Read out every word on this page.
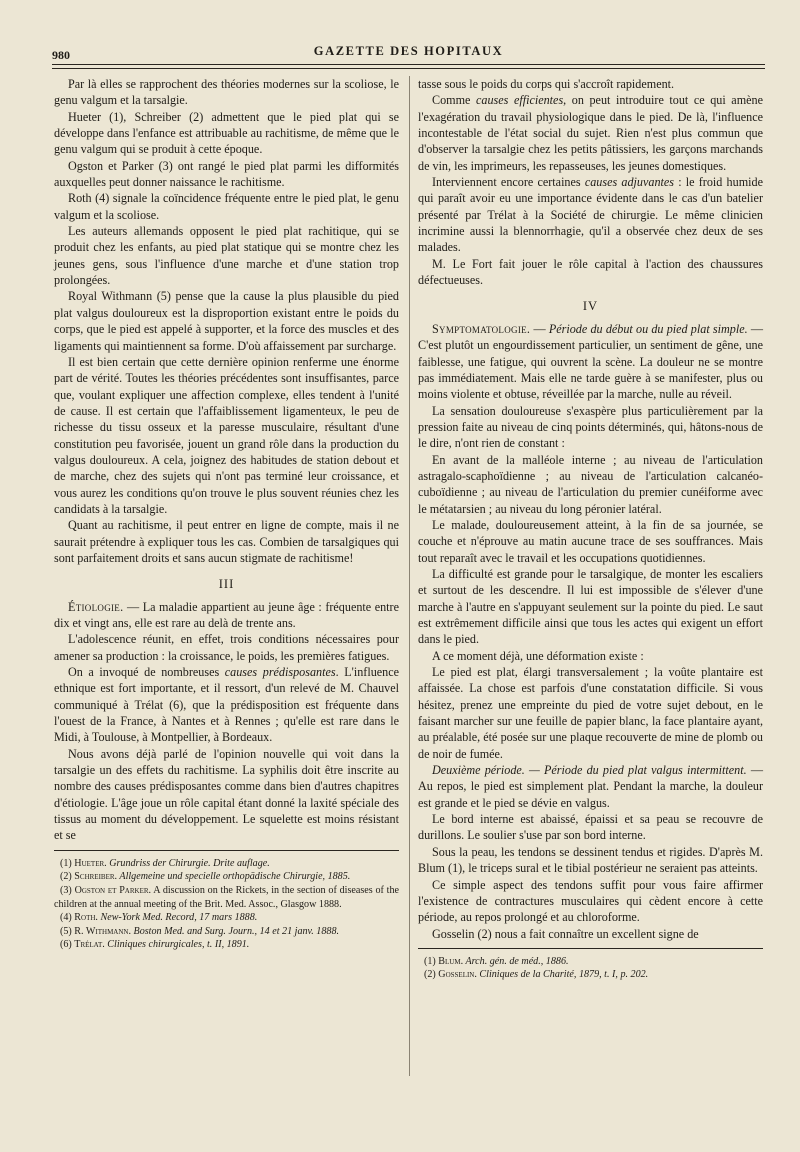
980	GAZETTE DES HOPITAUX

Par là elles se rapprochent des théories modernes sur la scoliose, le genu valgum et la tarsalgie.

Hueter (1), Schreiber (2) admettent que le pied plat qui se développe dans l'enfance est attribuable au rachitisme, de même que le genu valgum qui se produit à cette époque.

Ogston et Parker (3) ont rangé le pied plat parmi les difformités auxquelles peut donner naissance le rachitisme.

Roth (4) signale la coïncidence fréquente entre le pied plat, le genu valgum et la scoliose.

Les auteurs allemands opposent le pied plat rachitique, qui se produit chez les enfants, au pied plat statique qui se montre chez les jeunes gens, sous l'influence d'une marche et d'une station trop prolongées.

Royal Withmann (5) pense que la cause la plus plausible du pied plat valgus douloureux est la disproportion existant entre le poids du corps, que le pied est appelé à supporter, et la force des muscles et des ligaments qui maintiennent sa forme. D'où affaissement par surcharge.

Il est bien certain que cette dernière opinion renferme une énorme part de vérité. Toutes les théories précédentes sont insuffisantes, parce que, voulant expliquer une affection complexe, elles tendent à l'unité de cause. Il est certain que l'affaiblissement ligamenteux, le peu de richesse du tissu osseux et la paresse musculaire, résultant d'une constitution peu favorisée, jouent un grand rôle dans la production du valgus douloureux. A cela, joignez des habitudes de station debout et de marche, chez des sujets qui n'ont pas terminé leur croissance, et vous aurez les conditions qu'on trouve le plus souvent réunies chez les candidats à la tarsalgie.

Quant au rachitisme, il peut entrer en ligne de compte, mais il ne saurait prétendre à expliquer tous les cas. Combien de tarsalgiques qui sont parfaitement droits et sans aucun stigmate de rachitisme!

III

Étiologie. — La maladie appartient au jeune âge : fréquente entre dix et vingt ans, elle est rare au delà de trente ans.

L'adolescence réunit, en effet, trois conditions nécessaires pour amener sa production : la croissance, le poids, les premières fatigues.

On a invoqué de nombreuses causes prédisposantes. L'influence ethnique est fort importante, et il ressort, d'un relevé de M. Chauvel communiqué à Trélat (6), que la prédisposition est fréquente dans l'ouest de la France, à Nantes et à Rennes ; qu'elle est rare dans le Midi, à Toulouse, à Montpellier, à Bordeaux.

Nous avons déjà parlé de l'opinion nouvelle qui voit dans la tarsalgie un des effets du rachitisme. La syphilis doit être inscrite au nombre des causes prédisposantes comme dans bien d'autres chapitres d'étiologie. L'âge joue un rôle capital étant donné la laxité spéciale des tissus au moment du développement. Le squelette est moins résistant et se

(1) Hueter. Grundriss der Chirurgie. Drite auflage.
(2) Schreiber. Allgemeine und specielle orthopädische Chirurgie, 1885.
(3) Ogston et Parker. A discussion on the Rickets, in the section of diseases of the children at the annual meeting of the Brit. Med. Assoc., Glasgow 1888.
(4) Roth. New-York Med. Record, 17 mars 1888.
(5) R. Withmann. Boston Med. and Surg. Journ., 14 et 21 janv. 1888.
(6) Trélat. Cliniques chirurgicales, t. II, 1891.

tasse sous le poids du corps qui s'accroît rapidement.

Comme causes efficientes, on peut introduire tout ce qui amène l'exagération du travail physiologique dans le pied. De là, l'influence incontestable de l'état social du sujet. Rien n'est plus commun que d'observer la tarsalgie chez les petits pâtissiers, les garçons marchands de vin, les imprimeurs, les repasseuses, les jeunes domestiques.

Interviennent encore certaines causes adjuvantes : le froid humide qui paraît avoir eu une importance évidente dans le cas d'un batelier présenté par Trélat à la Société de chirurgie. Le même clinicien incrimine aussi la blennorrhagie, qu'il a observée chez deux de ses malades.

M. Le Fort fait jouer le rôle capital à l'action des chaussures défectueuses.

IV

Symptomatologie. — Période du début ou du pied plat simple. — C'est plutôt un engourdissement particulier, un sentiment de gêne, une faiblesse, une fatigue, qui ouvrent la scène. La douleur ne se montre pas immédiatement. Mais elle ne tarde guère à se manifester, plus ou moins violente et obtuse, réveillée par la marche, nulle au réveil.

La sensation douloureuse s'exaspère plus particulièrement par la pression faite au niveau de cinq points déterminés, qui, hâtons-nous de le dire, n'ont rien de constant :

En avant de la malléole interne ; au niveau de l'articulation astragalo-scaphoïdienne ; au niveau de l'articulation calcanéo-cuboïdienne ; au niveau de l'articulation du premier cunéiforme avec le métatarsien ; au niveau du long péronier latéral.

Le malade, douloureusement atteint, à la fin de sa journée, se couche et n'éprouve au matin aucune trace de ses souffrances. Mais tout reparaît avec le travail et les occupations quotidiennes.

La difficulté est grande pour le tarsalgique, de monter les escaliers et surtout de les descendre. Il lui est impossible de s'élever d'une marche à l'autre en s'appuyant seulement sur la pointe du pied. Le saut est extrêmement difficile ainsi que tous les actes qui exigent un effort dans le pied.

A ce moment déjà, une déformation existe :

Le pied est plat, élargi transversalement ; la voûte plantaire est affaissée. La chose est parfois d'une constatation difficile. Si vous hésitez, prenez une empreinte du pied de votre sujet debout, en le faisant marcher sur une feuille de papier blanc, la face plantaire ayant, au préalable, été posée sur une plaque recouverte de mine de plomb ou de noir de fumée.

Deuxième période. — Période du pied plat valgus intermittent. — Au repos, le pied est simplement plat. Pendant la marche, la douleur est grande et le pied se dévie en valgus.

Le bord interne est abaissé, épaissi et sa peau se recouvre de durillons. Le soulier s'use par son bord interne.

Sous la peau, les tendons se dessinent tendus et rigides. D'après M. Blum (1), le triceps sural et le tibial postérieur ne seraient pas atteints.

Ce simple aspect des tendons suffit pour vous faire affirmer l'existence de contractures musculaires qui cèdent encore à cette période, au repos prolongé et au chloroforme.

Gosselin (2) nous a fait connaître un excellent signe de

(1) Blum. Arch. gén. de méd., 1886.
(2) Gosselin. Cliniques de la Charité, 1879, t. I, p. 202.
